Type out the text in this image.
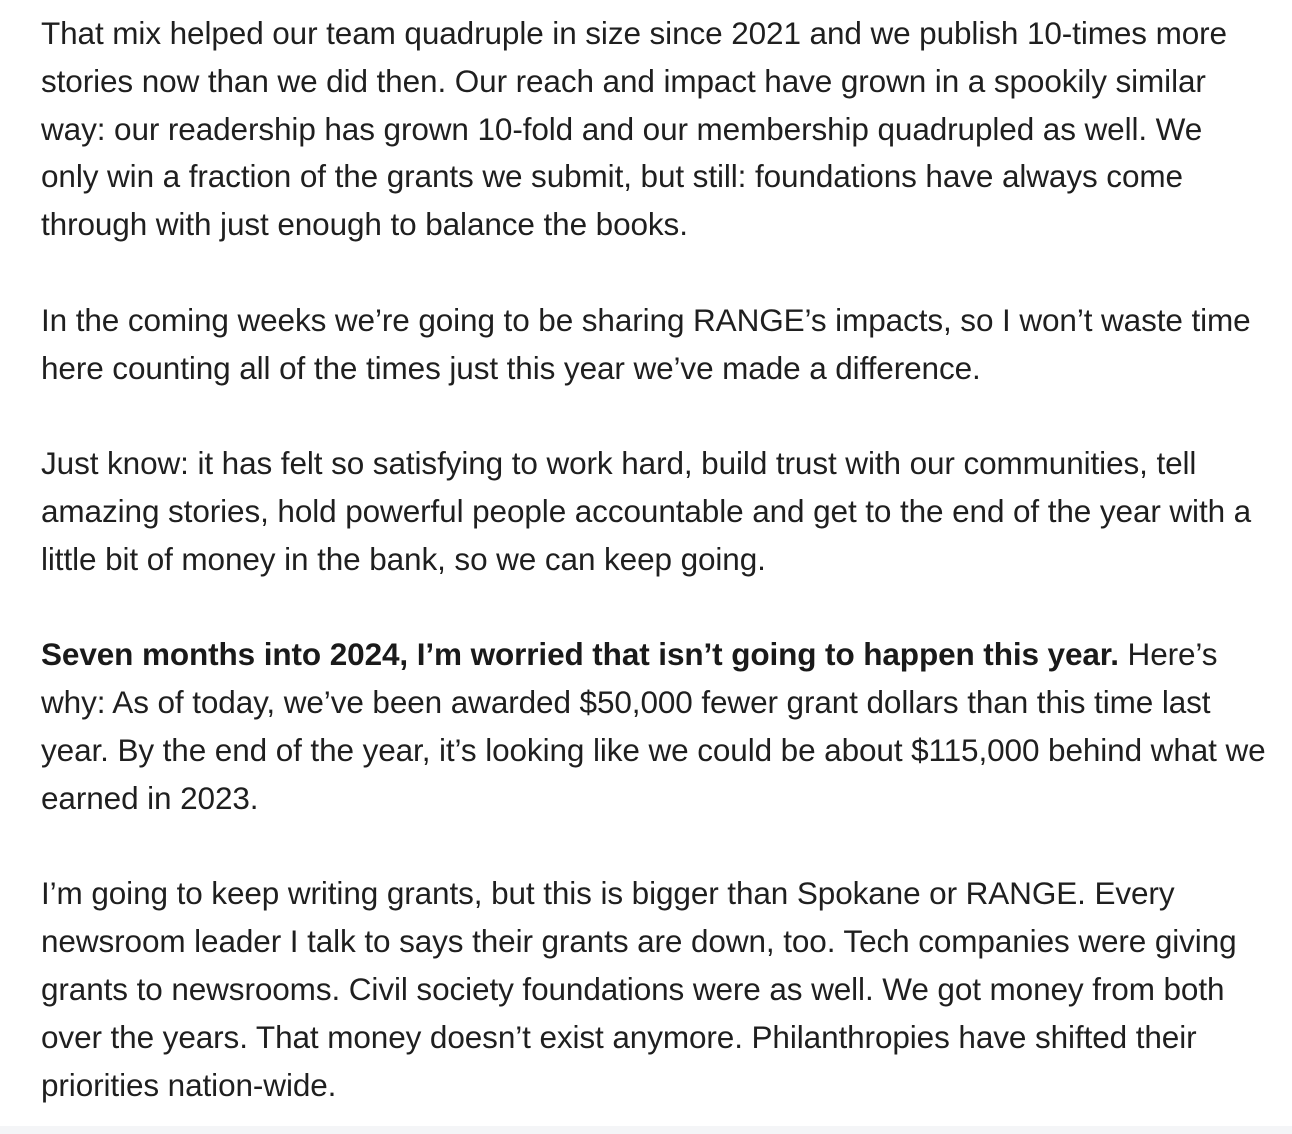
That mix helped our team quadruple in size since 2021 and we publish 10-times more stories now than we did then. Our reach and impact have grown in a spookily similar way: our readership has grown 10-fold and our membership quadrupled as well. We only win a fraction of the grants we submit, but still: foundations have always come through with just enough to balance the books.

In the coming weeks we’re going to be sharing RANGE’s impacts, so I won’t waste time here counting all of the times just this year we’ve made a difference.

Just know: it has felt so satisfying to work hard, build trust with our communities, tell amazing stories, hold powerful people accountable and get to the end of the year with a little bit of money in the bank, so we can keep going.

Seven months into 2024, I’m worried that isn’t going to happen this year. Here’s why: As of today, we’ve been awarded $50,000 fewer grant dollars than this time last year. By the end of the year, it’s looking like we could be about $115,000 behind what we earned in 2023.

I’m going to keep writing grants, but this is bigger than Spokane or RANGE. Every newsroom leader I talk to says their grants are down, too. Tech companies were giving grants to newsrooms. Civil society foundations were as well. We got money from both over the years. That money doesn’t exist anymore. Philanthropies have shifted their priorities nation-wide.
